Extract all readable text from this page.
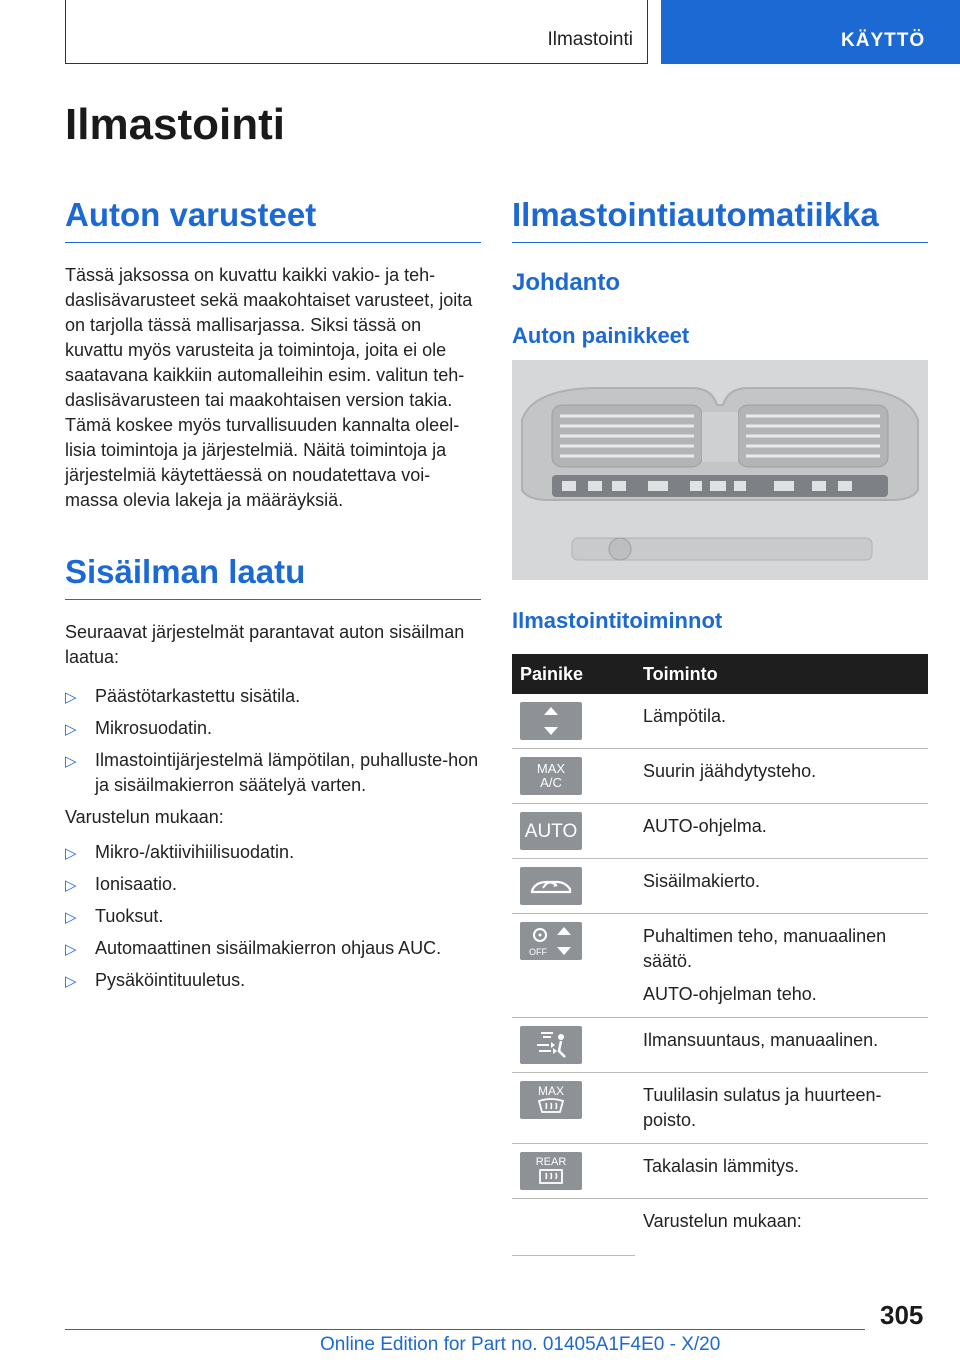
Ilmastointi	KÄYTTÖ
Ilmastointi
Auton varusteet

Tässä jaksossa on kuvattu kaikki vakio- ja teh-daslisävarusteet sekä maakohtaiset varusteet, joita on tarjolla tässä mallisarjassa. Siksi tässä on kuvattu myös varusteita ja toimintoja, joita ei ole saatavana kaikkiin automalleihin esim. valitun teh-daslisävarusteen tai maakohtaisen version takia. Tämä koskee myös turvallisuuden kannalta oleel-lisia toimintoja ja järjestelmiä. Näitä toimintoja ja järjestelmiä käytettäessä on noudatettava voi-massa olevia lakeja ja määräyksiä.

Sisäilman laatu

Seuraavat järjestelmät parantavat auton sisäilman laatua:

▷ Päästötarkastettu sisätila.
▷ Mikrosuodatin.
▷ Ilmastointijärjestelmä lämpötilan, puhalluste-hon ja sisäilmakierron säätelyä varten.

Varustelun mukaan:

▷ Mikro-/aktiivihiilisuodatin.
▷ Ionisaatio.
▷ Tuoksut.
▷ Automaattinen sisäilmakierron ohjaus AUC.
▷ Pysäköintituuletus.
Ilmastointiautomatiikka
Johdanto
Auton painikkeet
Ilmastointitoiminnot
Painike	Toiminto

	Lämpötila.

MAX A/C	Suurin jäähdytysteho.

AUTO	AUTO-ohjelma.

	Sisäilmakierto.

OFF	Puhaltimen teho, manuaalinen säätö.
AUTO-ohjelman teho.

	Ilmansuuntaus, manuaalinen.

MAX	Tuulilasin sulatus ja huurteen-poisto.

REAR	Takalasin lämmitys.
	Varustelun mukaan:
305
Online Edition for Part no. 01405A1F4E0 - X/20
